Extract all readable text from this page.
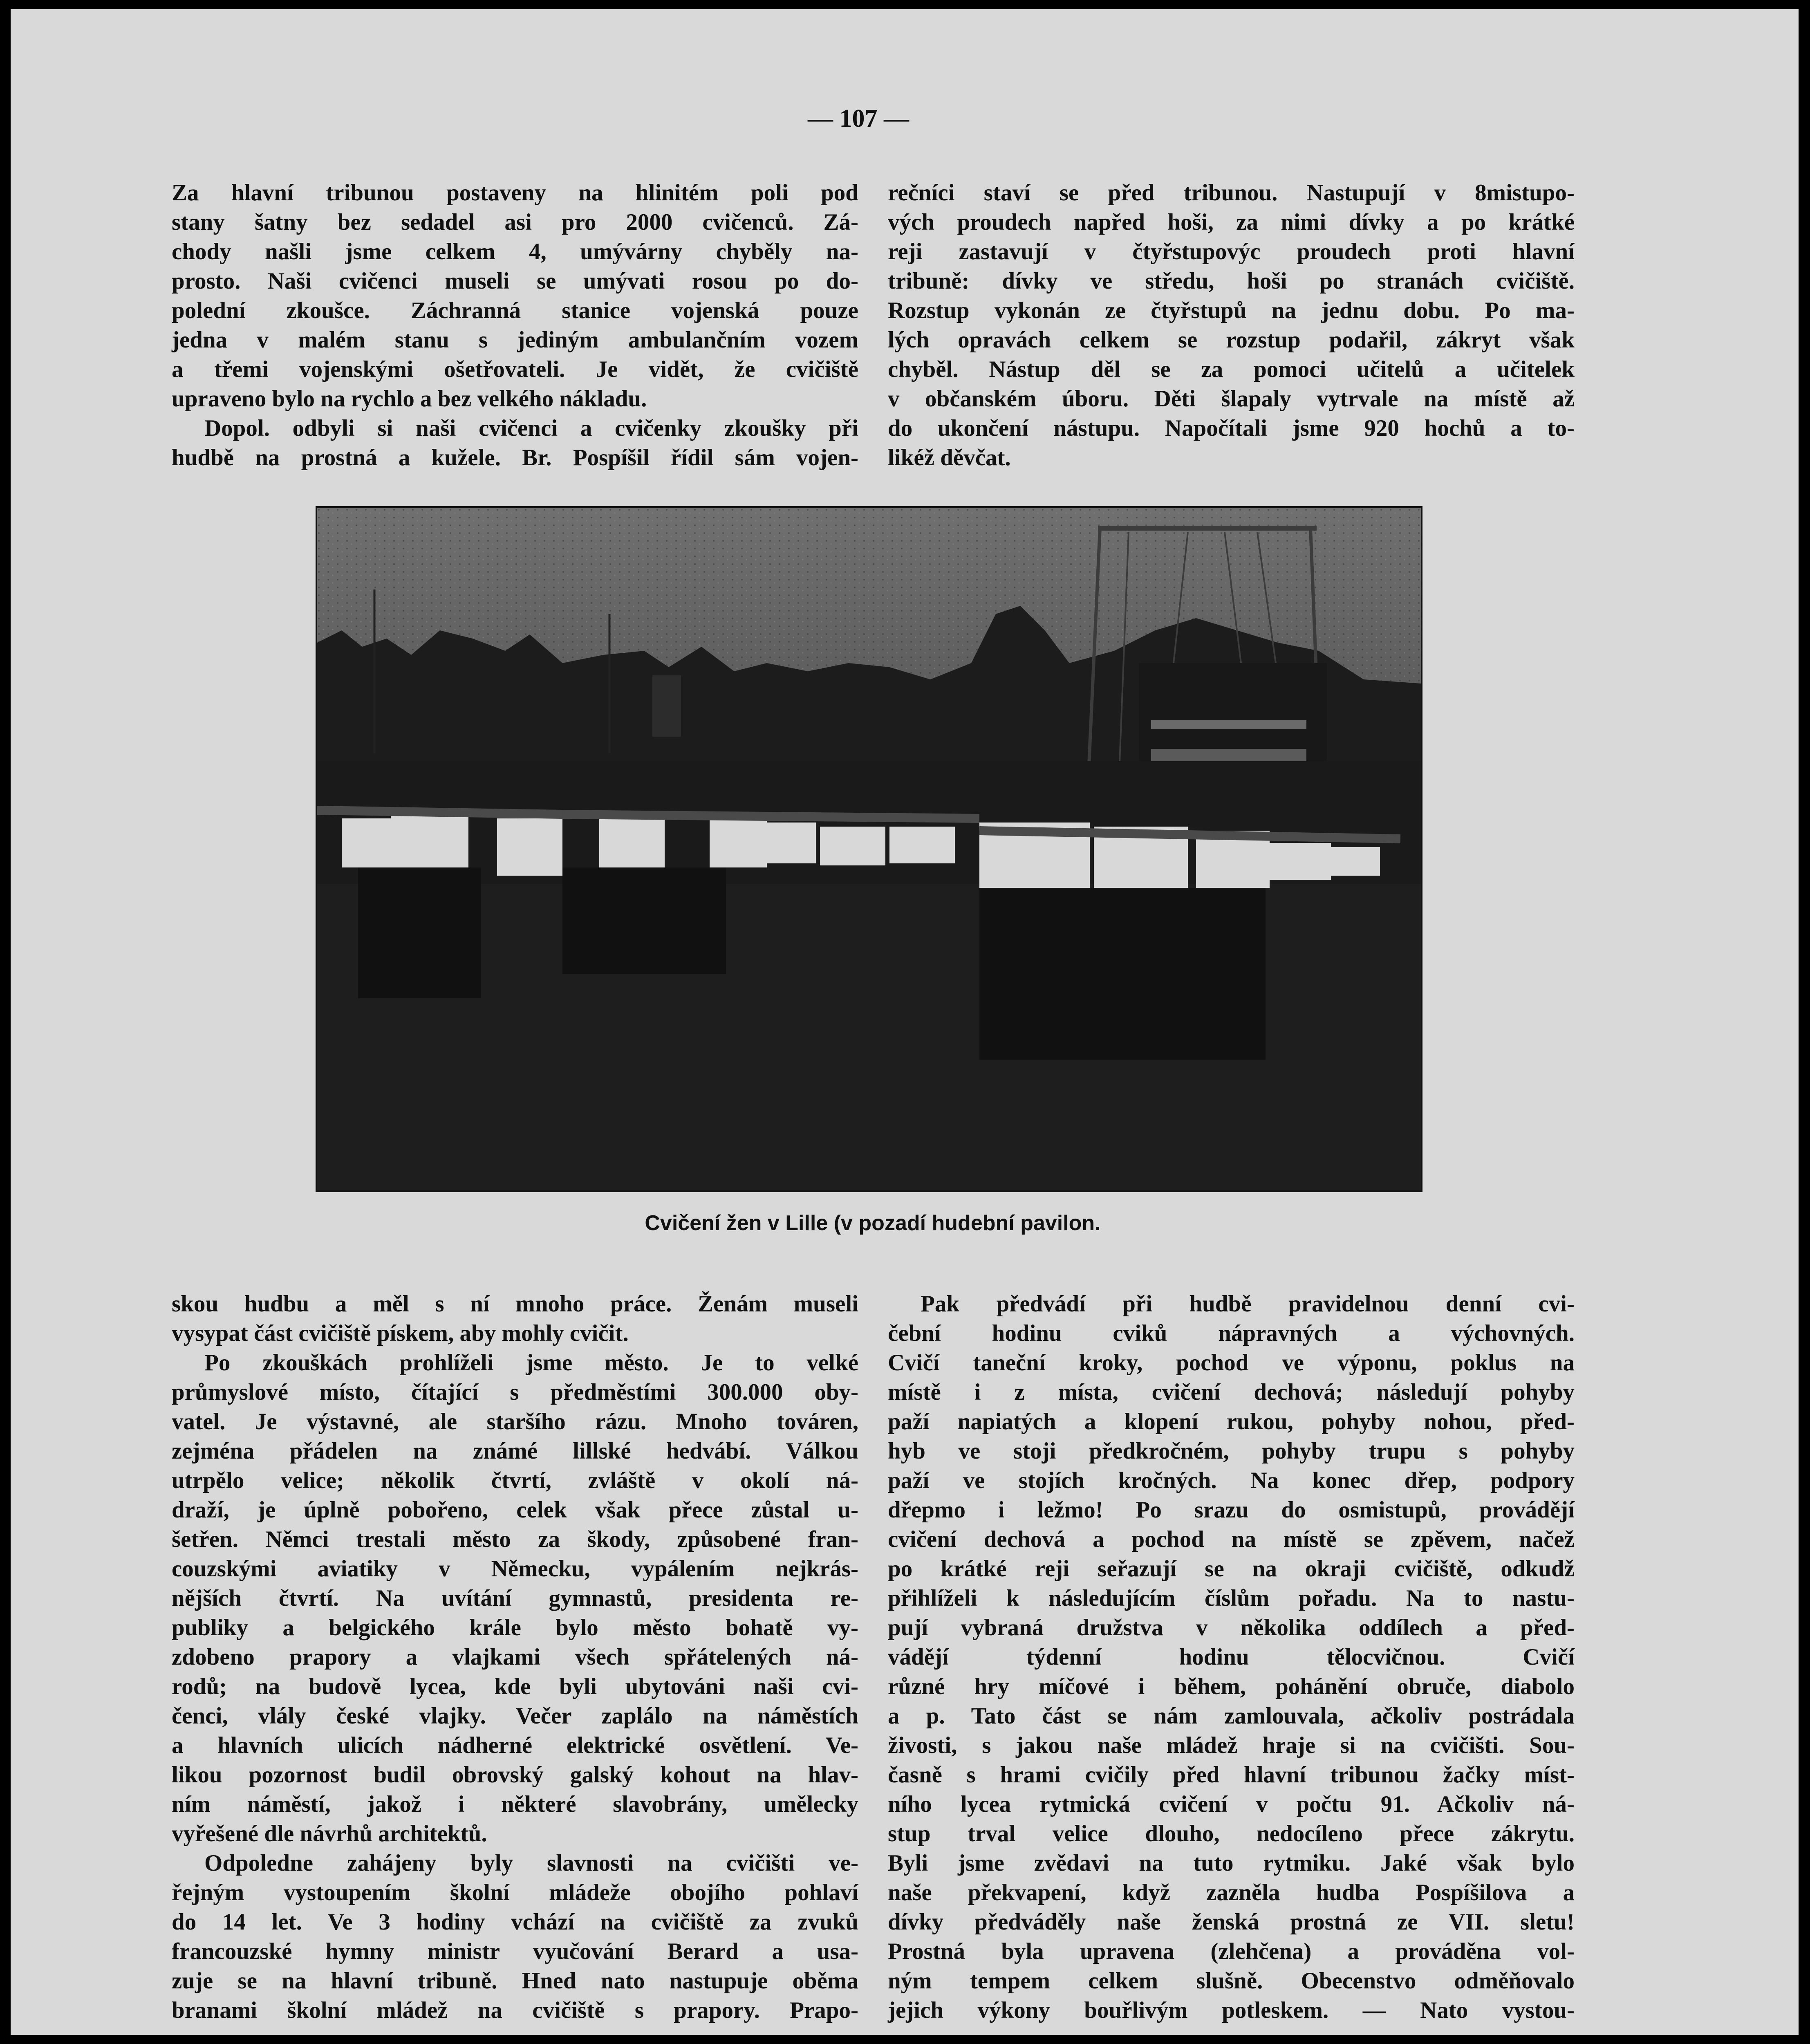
— 107 —
Za hlavní tribunou postaveny na hlinitém poli pod
stany šatny bez sedadel asi pro 2000 cvičenců. Zá-
chody našli jsme celkem 4, umývárny chyběly na-
prosto. Naši cvičenci museli se umývati rosou po do-
polední zkoušce. Záchranná stanice vojenská pouze
jedna v malém stanu s jediným ambulančním vozem
a třemi vojenskými ošetřovateli. Je vidět, že cvičiště
upraveno bylo na rychlo a bez velkého nákladu.
Dopol. odbyli si naši cvičenci a cvičenky zkoušky při
hudbě na prostná a kužele. Br. Pospíšil řídil sám vojen-
rečníci staví se před tribunou. Nastupují v 8mistupo-
vých proudech napřed hoši, za nimi dívky a po krátké
reji zastavují v čtyřstupovýc proudech proti hlavní
tribuně: dívky ve středu, hoši po stranách cvičiště.
Rozstup vykonán ze čtyřstupů na jednu dobu. Po ma-
lých opravách celkem se rozstup podařil, zákryt však
chyběl. Nástup děl se za pomoci učitelů a učitelek
v občanském úboru. Děti šlapaly vytrvale na místě až
do ukončení nástupu. Napočítali jsme 920 hochů a to-
likéž děvčat.
Cvičení žen v Lille (v pozadí hudební pavilon.
skou hudbu a měl s ní mnoho práce. Ženám museli
vysypat část cvičiště pískem, aby mohly cvičit.
Po zkouškách prohlíželi jsme město. Je to velké
průmyslové místo, čítající s předměstími 300.000 oby-
vatel. Je výstavné, ale staršího rázu. Mnoho továren,
zejména přádelen na známé lillské hedvábí. Válkou
utrpělo velice; několik čtvrtí, zvláště v okolí ná-
draží, je úplně pobořeno, celek však přece zůstal u-
šetřen. Němci trestali město za škody, způsobené fran-
couzskými aviatiky v Německu, vypálením nejkrás-
nějších čtvrtí. Na uvítání gymnastů, presidenta re-
publiky a belgického krále bylo město bohatě vy-
zdobeno prapory a vlajkami všech spřátelených ná-
rodů; na budově lycea, kde byli ubytováni naši cvi-
čenci, vlály české vlajky. Večer zaplálo na náměstích
a hlavních ulicích nádherné elektrické osvětlení. Ve-
likou pozornost budil obrovský galský kohout na hlav-
ním náměstí, jakož i některé slavobrány, umělecky
vyřešené dle návrhů architektů.
Odpoledne zahájeny byly slavnosti na cvičišti ve-
řejným vystoupením školní mládeže obojího pohlaví
do 14 let. Ve 3 hodiny vchází na cvičiště za zvuků
francouzské hymny ministr vyučování Berard a usa-
zuje se na hlavní tribuně. Hned nato nastupuje oběma
branami školní mládež na cvičiště s prapory. Prapo-
Pak předvádí při hudbě pravidelnou denní cvi-
čební hodinu cviků nápravných a výchovných.
Cvičí taneční kroky, pochod ve výponu, poklus na
místě i z místa, cvičení dechová; následují pohyby
paží napiatých a klopení rukou, pohyby nohou, před-
hyb ve stoji předkročném, pohyby trupu s pohyby
paží ve stojích kročných. Na konec dřep, podpory
dřepmo i ležmo! Po srazu do osmistupů, provádějí
cvičení dechová a pochod na místě se zpěvem, načež
po krátké reji seřazují se na okraji cvičiště, odkudž
přihlíželi k následujícím číslům pořadu. Na to nastu-
pují vybraná družstva v několika oddílech a před-
vádějí týdenní hodinu tělocvičnou. Cvičí
různé hry míčové i během, pohánění obruče, diabolo
a p. Tato část se nám zamlouvala, ačkoliv postrádala
živosti, s jakou naše mládež hraje si na cvičišti. Sou-
časně s hrami cvičily před hlavní tribunou žačky míst-
ního lycea rytmická cvičení v počtu 91. Ačkoliv ná-
stup trval velice dlouho, nedocíleno přece zákrytu.
Byli jsme zvědavi na tuto rytmiku. Jaké však bylo
naše překvapení, když zazněla hudba Pospíšilova a
dívky předváděly naše ženská prostná ze VII. sletu!
Prostná byla upravena (zlehčena) a prováděna vol-
ným tempem celkem slušně. Obecenstvo odměňovalo
jejich výkony bouřlivým potleskem. — Nato vystou-
